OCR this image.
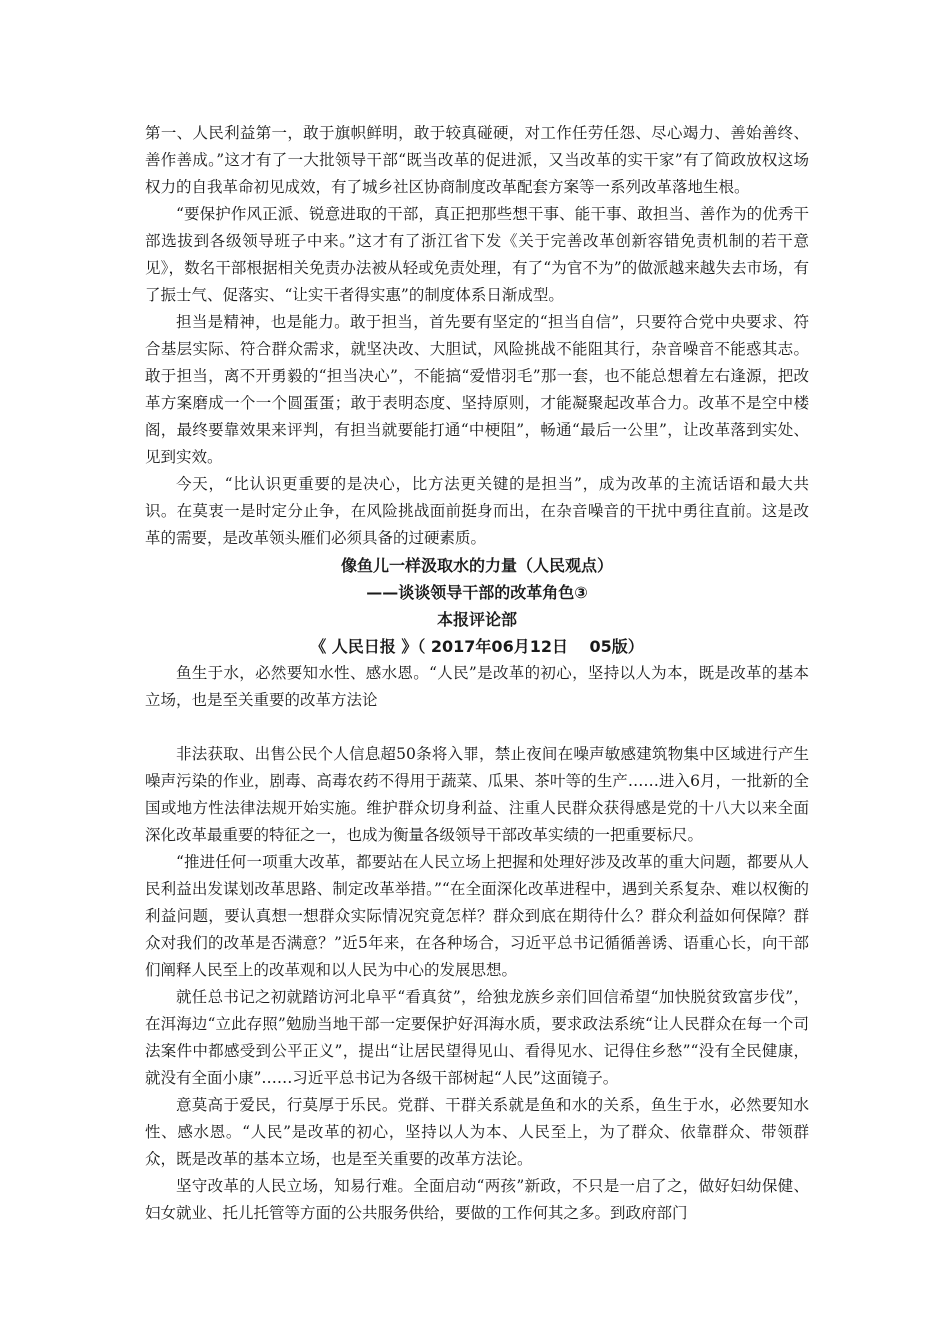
第一、人民利益第一，敢于旗帜鲜明，敢于较真碰硬，对工作任劳任怨、尽心竭力、善始善终、善作善成。”这才有了一大批领导干部“既当改革的促进派，又当改革的实干家”有了简政放权这场权力的自我革命初见成效，有了城乡社区协商制度改革配套方案等一系列改革落地生根。

“要保护作风正派、锐意进取的干部，真正把那些想干事、能干事、敢担当、善作为的优秀干部选拔到各级领导班子中来。”这才有了浙江省下发《关于完善改革创新容错免责机制的若干意见》，数名干部根据相关免责办法被从轻或免责处理，有了“为官不为”的做派越来越失去市场，有了振士气、促落实、“让实干者得实惠”的制度体系日渐成型。

担当是精神，也是能力。敢于担当，首先要有坚定的“担当自信”，只要符合党中央要求、符合基层实际、符合群众需求，就坚决改、大胆试，风险挑战不能阻其行，杂音噪音不能惑其志。敢于担当，离不开勇毅的“担当决心”，不能搞“爱惜羽毛”那一套，也不能总想着左右逢源，把改革方案磨成一个一个圆蛋蛋；敢于表明态度、坚持原则，才能凝聚起改革合力。改革不是空中楼阁，最终要靠效果来评判，有担当就要能打通“中梗阻”，畅通“最后一公里”，让改革落到实处、见到实效。

今天，“比认识更重要的是决心，比方法更关键的是担当”，成为改革的主流话语和最大共识。在莫衷一是时定分止争，在风险挑战面前挺身而出，在杂音噪音的干扰中勇往直前。这是改革的需要，是改革领头雁们必须具备的过硬素质。

像鱼儿一样汲取水的力量（人民观点）
——谈谈领导干部的改革角色③
本报评论部
《 人民日报 》（ 2017年06月12日 　05版）

鱼生于水，必然要知水性、感水恩。“人民”是改革的初心，坚持以人为本，既是改革的基本立场，也是至关重要的改革方法论

非法获取、出售公民个人信息超50条将入罪，禁止夜间在噪声敏感建筑物集中区域进行产生噪声污染的作业，剧毒、高毒农药不得用于蔬菜、瓜果、茶叶等的生产……进入6月，一批新的全国或地方性法律法规开始实施。维护群众切身利益、注重人民群众获得感是党的十八大以来全面深化改革最重要的特征之一，也成为衡量各级领导干部改革实绩的一把重要标尺。

“推进任何一项重大改革，都要站在人民立场上把握和处理好涉及改革的重大问题，都要从人民利益出发谋划改革思路、制定改革举措。”“在全面深化改革进程中，遇到关系复杂、难以权衡的利益问题，要认真想一想群众实际情况究竟怎样？群众到底在期待什么？群众利益如何保障？群众对我们的改革是否满意？”近5年来，在各种场合，习近平总书记循循善诱、语重心长，向干部们阐释人民至上的改革观和以人民为中心的发展思想。

就任总书记之初就踏访河北阜平“看真贫”，给独龙族乡亲们回信希望“加快脱贫致富步伐”，在洱海边“立此存照”勉励当地干部一定要保护好洱海水质，要求政法系统“让人民群众在每一个司法案件中都感受到公平正义”，提出“让居民望得见山、看得见水、记得住乡愁”“没有全民健康，就没有全面小康”……习近平总书记为各级干部树起“人民”这面镜子。

意莫高于爱民，行莫厚于乐民。党群、干群关系就是鱼和水的关系，鱼生于水，必然要知水性、感水恩。“人民”是改革的初心，坚持以人为本、人民至上，为了群众、依靠群众、带领群众，既是改革的基本立场，也是至关重要的改革方法论。

坚守改革的人民立场，知易行难。全面启动“两孩”新政，不只是一启了之，做好妇幼保健、妇女就业、托儿托管等方面的公共服务供给，要做的工作何其之多。到政府部门
